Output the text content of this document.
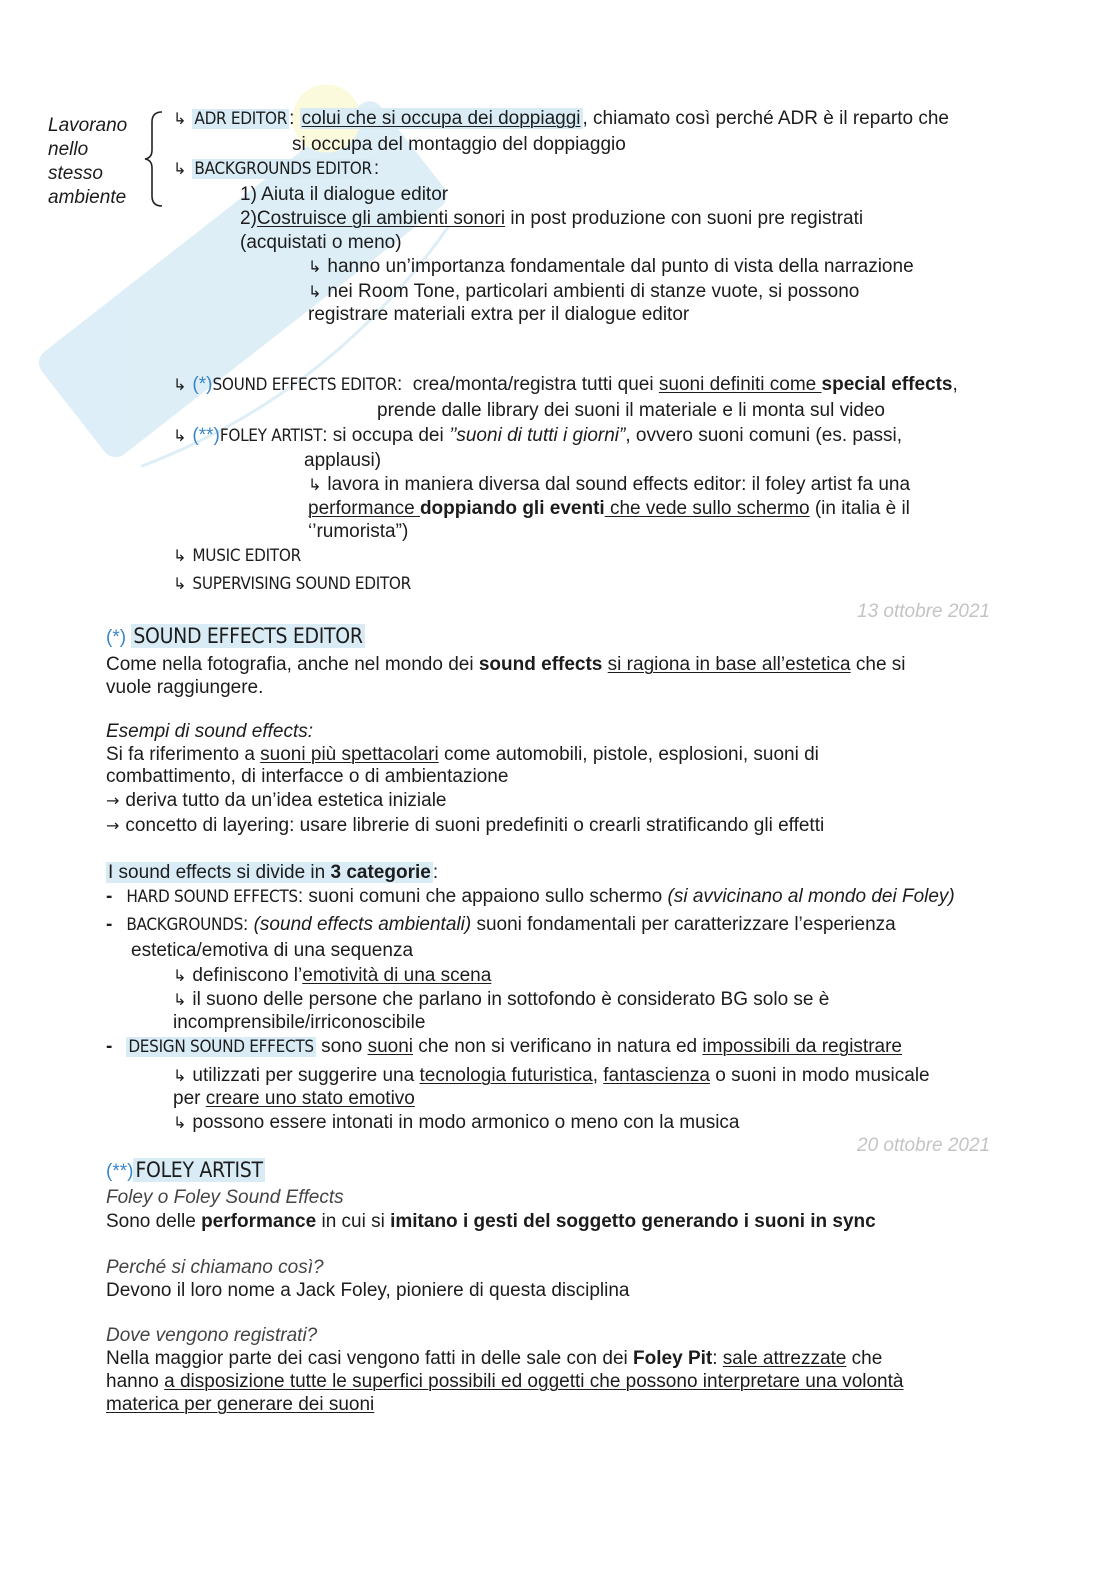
Lavorano
nello
stesso
ambiente
↳ ADR EDITOR : colui che si occupa dei doppiaggi , chiamato così perché ADR è il reparto che
si occupa del montaggio del doppiaggio
↳ BACKGROUNDS EDITOR :
1) Aiuta il dialogue editor
2)Costruisce gli ambienti sonori in post produzione con suoni pre registrati
(acquistati o meno)
↳ hanno un’importanza fondamentale dal punto di vista della narrazione
↳ nei Room Tone, particolari ambienti di stanze vuote, si possono
registrare materiali extra per il dialogue editor
↳ (*)SOUND EFFECTS EDITOR: crea/monta/registra tutti quei suoni definiti come special effects,
prende dalle library dei suoni il materiale e li monta sul video
↳ (**)FOLEY ARTIST: si occupa dei ’’suoni di tutti i giorni”, ovvero suoni comuni (es. passi,
applausi)
↳ lavora in maniera diversa dal sound effects editor: il foley artist fa una
performance doppiando gli eventi che vede sullo schermo (in italia è il
‘’rumorista”)
↳ MUSIC EDITOR
↳ SUPERVISING SOUND EDITOR
13 ottobre 2021
(*) SOUND EFFECTS EDITOR
Come nella fotografia, anche nel mondo dei sound effects si ragiona in base all’estetica che si
vuole raggiungere.
Esempi di sound effects:
Si fa riferimento a suoni più spettacolari come automobili, pistole, esplosioni, suoni di
combattimento, di interfacce o di ambientazione
→ deriva tutto da un’idea estetica iniziale
→ concetto di layering: usare librerie di suoni predefiniti o crearli stratificando gli effetti
I sound effects si divide in 3 categorie :
- HARD SOUND EFFECTS: suoni comuni che appaiono sullo schermo (si avvicinano al mondo dei Foley)
- BACKGROUNDS: (sound effects ambientali) suoni fondamentali per caratterizzare l’esperienza
estetica/emotiva di una sequenza
↳ definiscono l’emotività di una scena
↳ il suono delle persone che parlano in sottofondo è considerato BG solo se è
incomprensibile/irriconoscibile
- DESIGN SOUND EFFECTS sono suoni che non si verificano in natura ed impossibili da registrare
↳ utilizzati per suggerire una tecnologia futuristica, fantascienza o suoni in modo musicale
per creare uno stato emotivo
↳ possono essere intonati in modo armonico o meno con la musica
20 ottobre 2021
(**)FOLEY ARTIST
Foley o Foley Sound Effects
Sono delle performance in cui si imitano i gesti del soggetto generando i suoni in sync
Perché si chiamano così?
Devono il loro nome a Jack Foley, pioniere di questa disciplina
Dove vengono registrati?
Nella maggior parte dei casi vengono fatti in delle sale con dei Foley Pit: sale attrezzate che
hanno a disposizione tutte le superfici possibili ed oggetti che possono interpretare una volontà
materica per generare dei suoni
